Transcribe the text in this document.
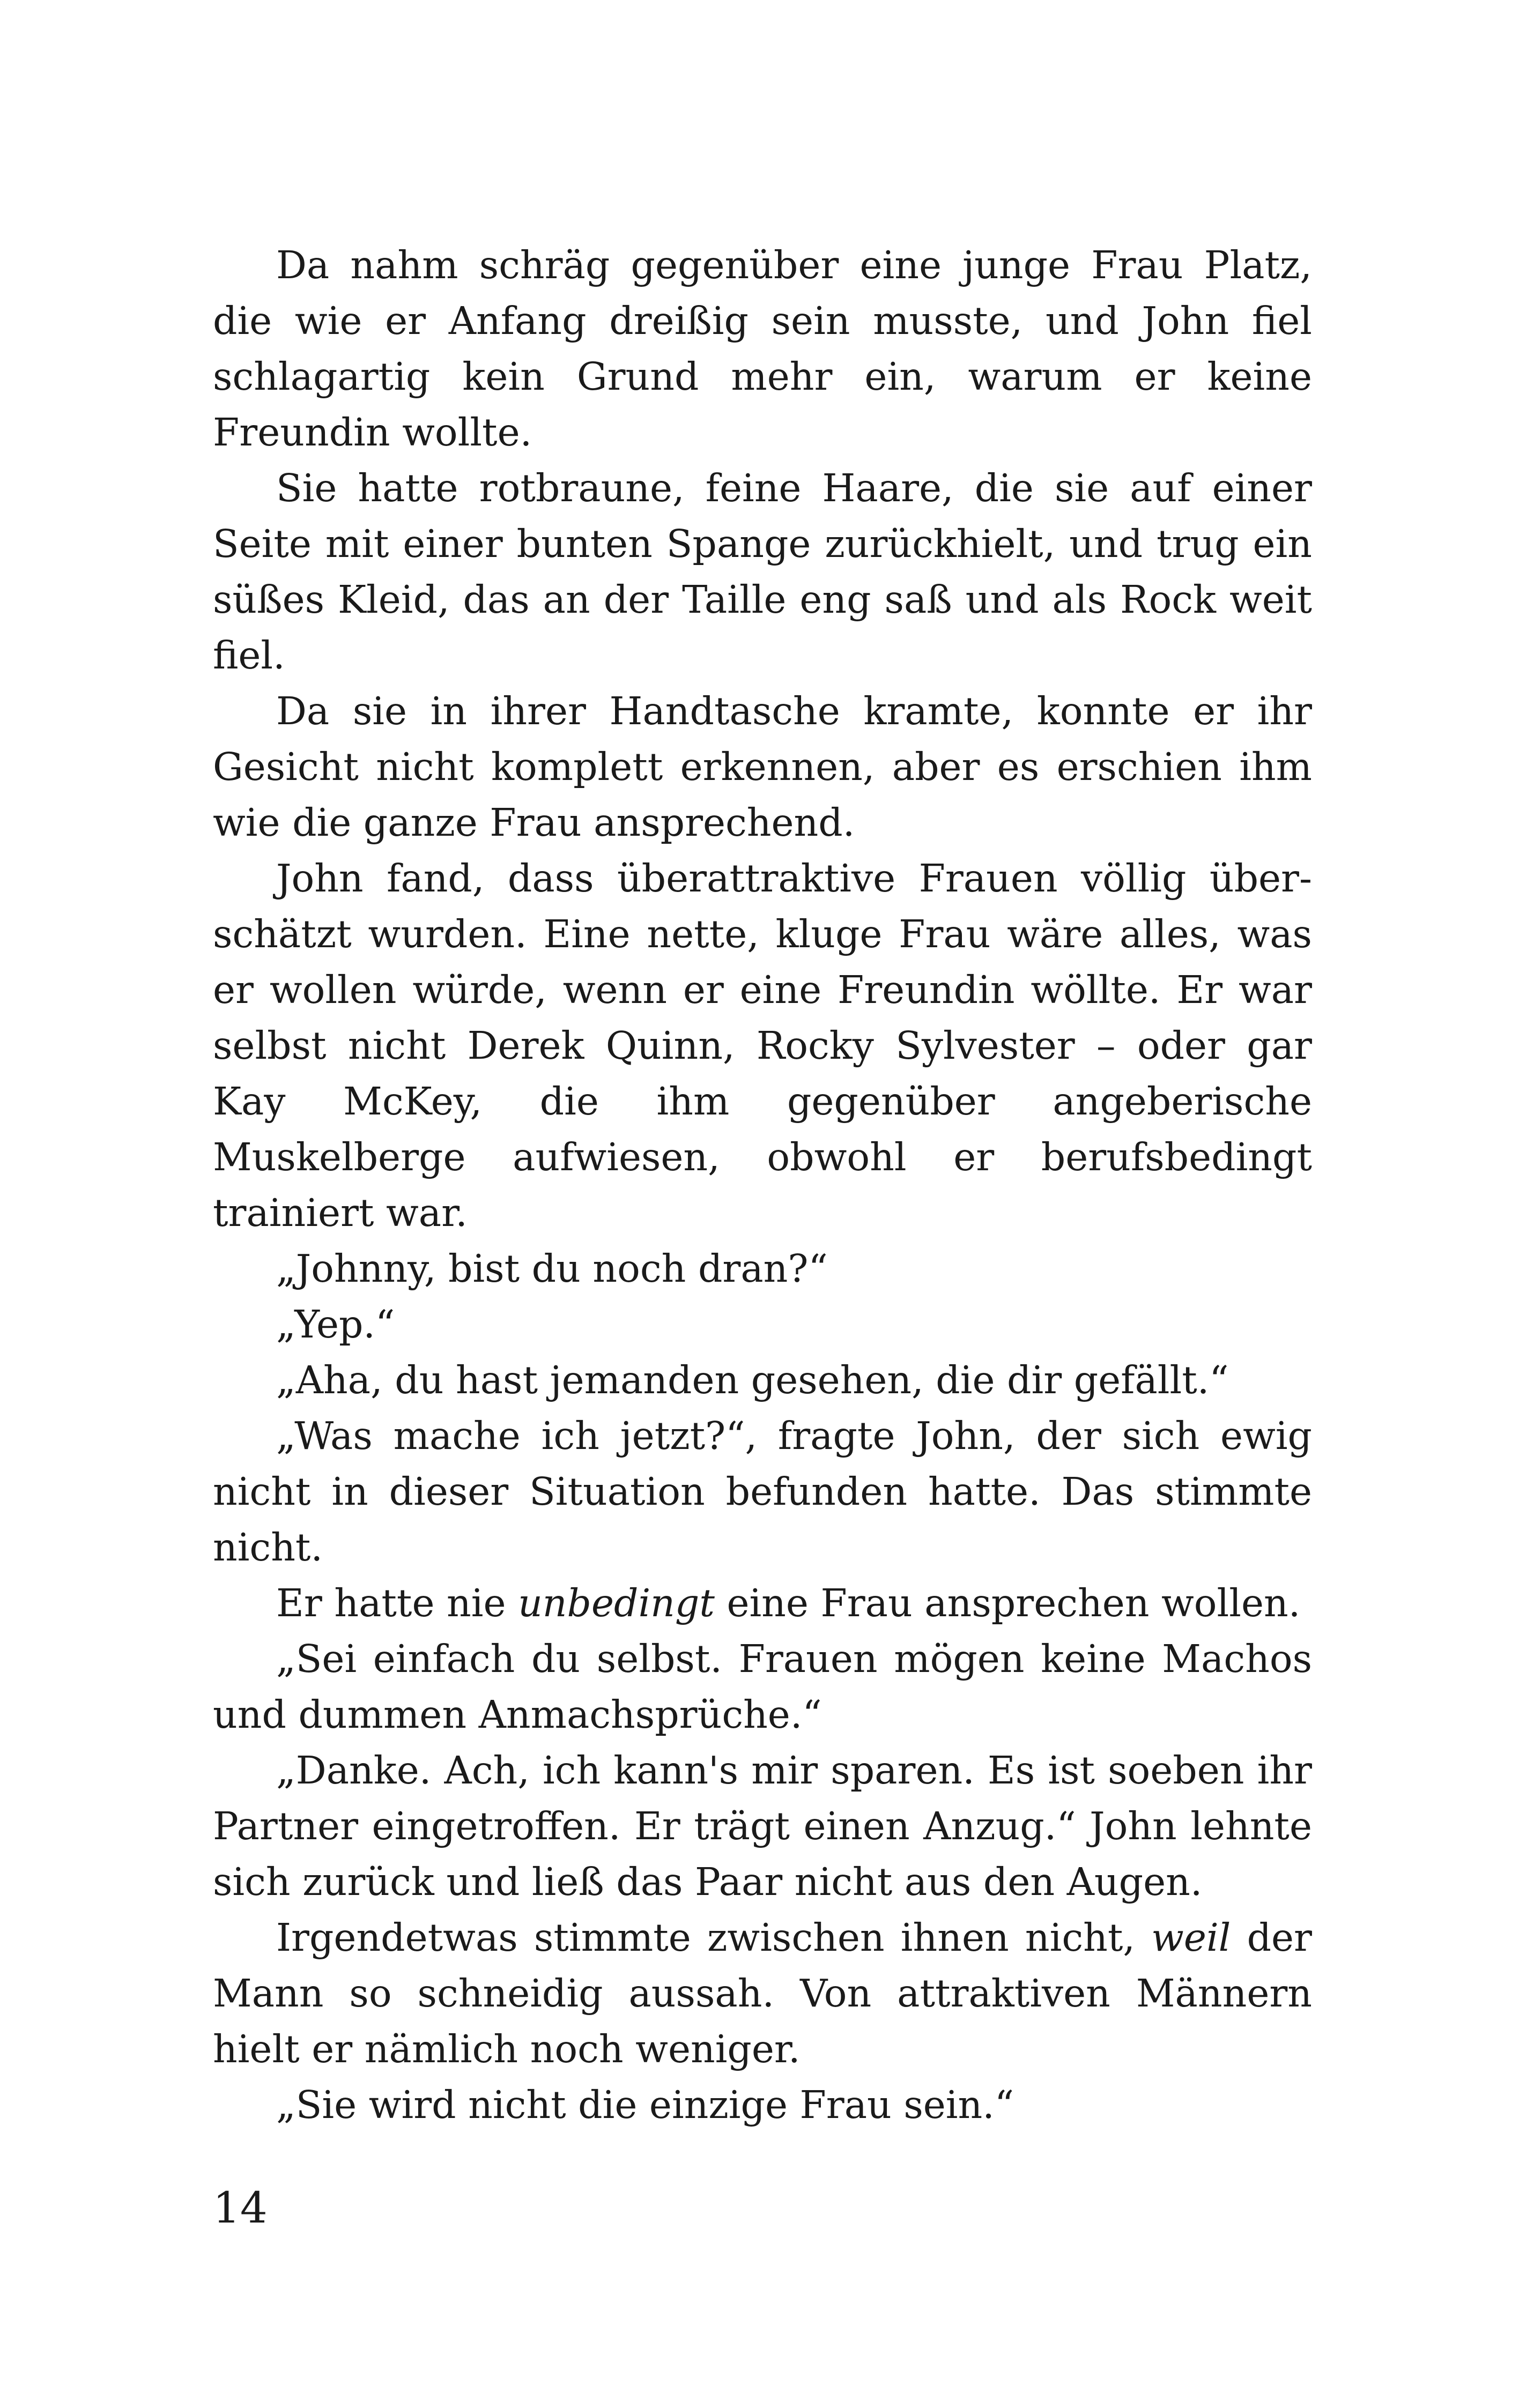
Da nahm schräg gegenüber eine junge Frau Platz, die wie er Anfang dreißig sein musste, und John fiel schlagartig kein Grund mehr ein, warum er keine Freundin wollte.

Sie hatte rotbraune, feine Haare, die sie auf einer Seite mit einer bunten Spange zurückhielt, und trug ein süßes Kleid, das an der Taille eng saß und als Rock weit fiel.

Da sie in ihrer Handtasche kramte, konnte er ihr Gesicht nicht komplett erkennen, aber es erschien ihm wie die ganze Frau ansprechend.

John fand, dass überattraktive Frauen völlig überschätzt wurden. Eine nette, kluge Frau wäre alles, was er wollen würde, wenn er eine Freundin wöllte. Er war selbst nicht Derek Quinn, Rocky Sylvester – oder gar Kay McKey, die ihm gegenüber angeberische Muskelberge aufwiesen, obwohl er berufsbedingt trainiert war.

„Johnny, bist du noch dran?“

„Yep.“

„Aha, du hast jemanden gesehen, die dir gefällt.“

„Was mache ich jetzt?“, fragte John, der sich ewig nicht in dieser Situation befunden hatte. Das stimmte nicht.

Er hatte nie unbedingt eine Frau ansprechen wollen.

„Sei einfach du selbst. Frauen mögen keine Machos und dummen Anmachsprüche.“

„Danke. Ach, ich kann's mir sparen. Es ist soeben ihr Partner eingetroffen. Er trägt einen Anzug.“ John lehnte sich zurück und ließ das Paar nicht aus den Augen.

Irgendetwas stimmte zwischen ihnen nicht, weil der Mann so schneidig aussah. Von attraktiven Männern hielt er nämlich noch weniger.

„Sie wird nicht die einzige Frau sein.“

14
